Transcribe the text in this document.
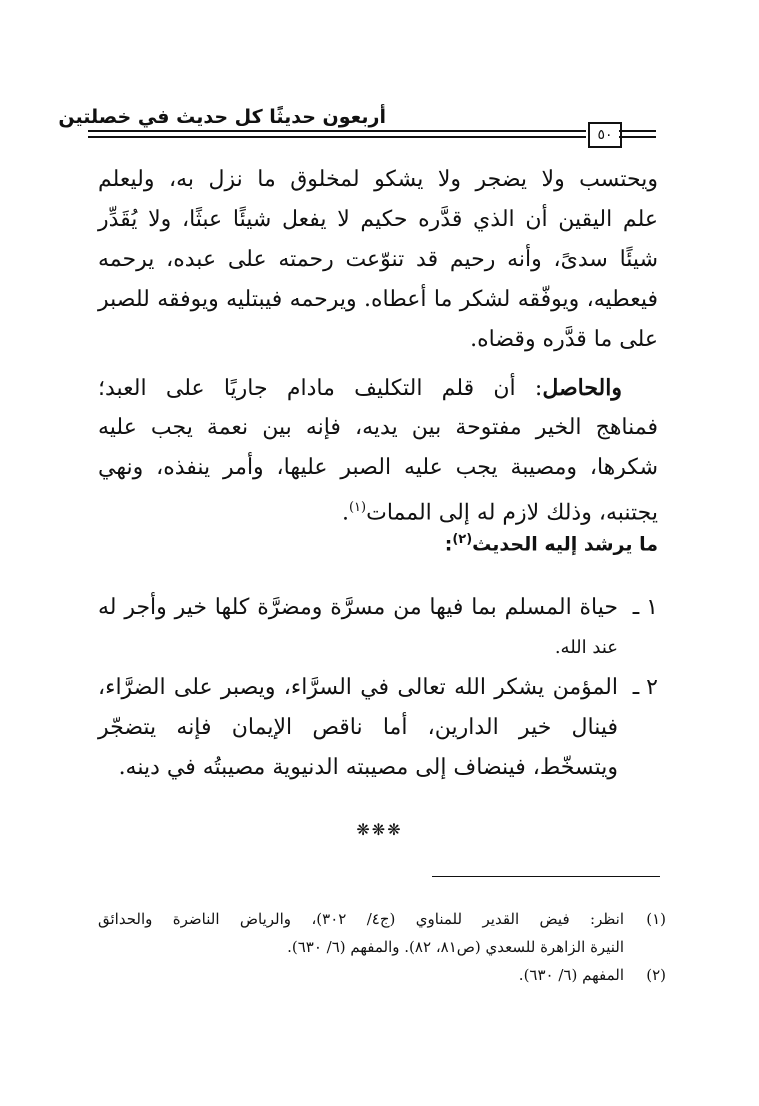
أربعون حديثًا كل حديث في خصلتين
٥٠
ويحتسب ولا يضجر ولا يشكو لمخلوق ما نزل به، وليعلم
علم اليقين أن الذي قدَّره حكيم لا يفعل شيئًا عبثًا، ولا يُقَدِّر
شيئًا سدىً، وأنه رحيم قد تنوّعت رحمته على عبده، يرحمه
فيعطيه، ويوفّقه لشكر ما أعطاه. ويرحمه فيبتليه ويوفقه للصبر
على ما قدَّره وقضاه.
والحاصل: أن قلم التكليف مادام جاريًا على العبد؛
فمناهج الخير مفتوحة بين يديه، فإنه بين نعمة يجب عليه
شكرها، ومصيبة يجب عليه الصبر عليها، وأمر ينفذه، ونهي
يجتنبه، وذلك لازم له إلى الممات$^{(١)}$.
ما يرشد إليه الحديث$^{(٢)}$:
١ ـ
حياة المسلم بما فيها من مسرَّة ومضرَّة كلها خير وأجر له
عند الله.
٢ ـ
المؤمن يشكر الله تعالى في السرَّاء، ويصبر على الضرَّاء،
فينال خير الدارين، أما ناقص الإيمان فإنه يتضجّر
ويتسخّط، فينضاف إلى مصيبته الدنيوية مصيبتُه في دينه.
❋❋❋
(١)
انظر: فيض القدير للمناوي (ج٤/ ٣٠٢)، والرياض الناضرة والحدائق
النيرة الزاهرة للسعدي (ص٨١، ٨٢). والمفهم (٦/ ٦٣٠).
(٢)
المفهم (٦/ ٦٣٠).
